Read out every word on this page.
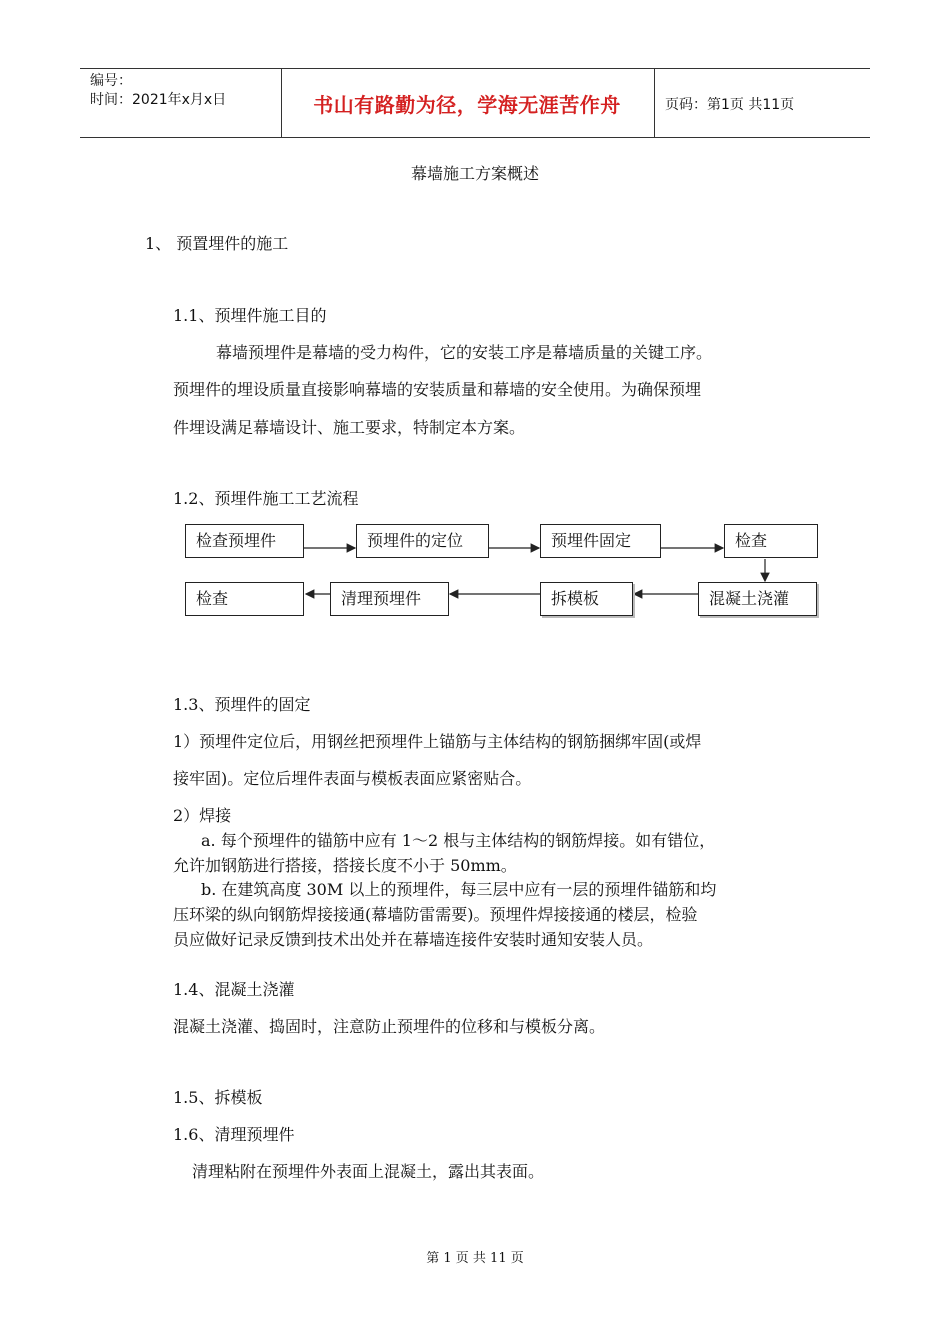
编号：
时间：2021年x月x日	书山有路勤为径，学海无涯苦作舟	页码：第1页 共11页
幕墙施工方案概述
1、 预置埋件的施工
1.1、预埋件施工目的
幕墙预埋件是幕墙的受力构件，它的安装工序是幕墙质量的关键工序。
预埋件的埋设质量直接影响幕墙的安装质量和幕墙的安全使用。为确保预埋
件埋设满足幕墙设计、施工要求，特制定本方案。
1.2、预埋件施工工艺流程
检查预埋件	预埋件的定位	预埋件固定	检查
检查	清理预埋件	拆模板	混凝土浇灌
1.3、预埋件的固定
1）预埋件定位后，用钢丝把预埋件上锚筋与主体结构的钢筋捆绑牢固(或焊
接牢固)。定位后埋件表面与模板表面应紧密贴合。
2）焊接
a. 每个预埋件的锚筋中应有 1～2 根与主体结构的钢筋焊接。如有错位，
允许加钢筋进行搭接，搭接长度不小于 50mm。
b. 在建筑高度 30M 以上的预埋件，每三层中应有一层的预埋件锚筋和均
压环梁的纵向钢筋焊接接通(幕墙防雷需要)。预埋件焊接接通的楼层，检验
员应做好记录反馈到技术出处并在幕墙连接件安装时通知安装人员。
1.4、混凝土浇灌
混凝土浇灌、捣固时，注意防止预埋件的位移和与模板分离。
1.5、拆模板
1.6、清理预埋件
清理粘附在预埋件外表面上混凝土，露出其表面。
第 1 页 共 11 页
